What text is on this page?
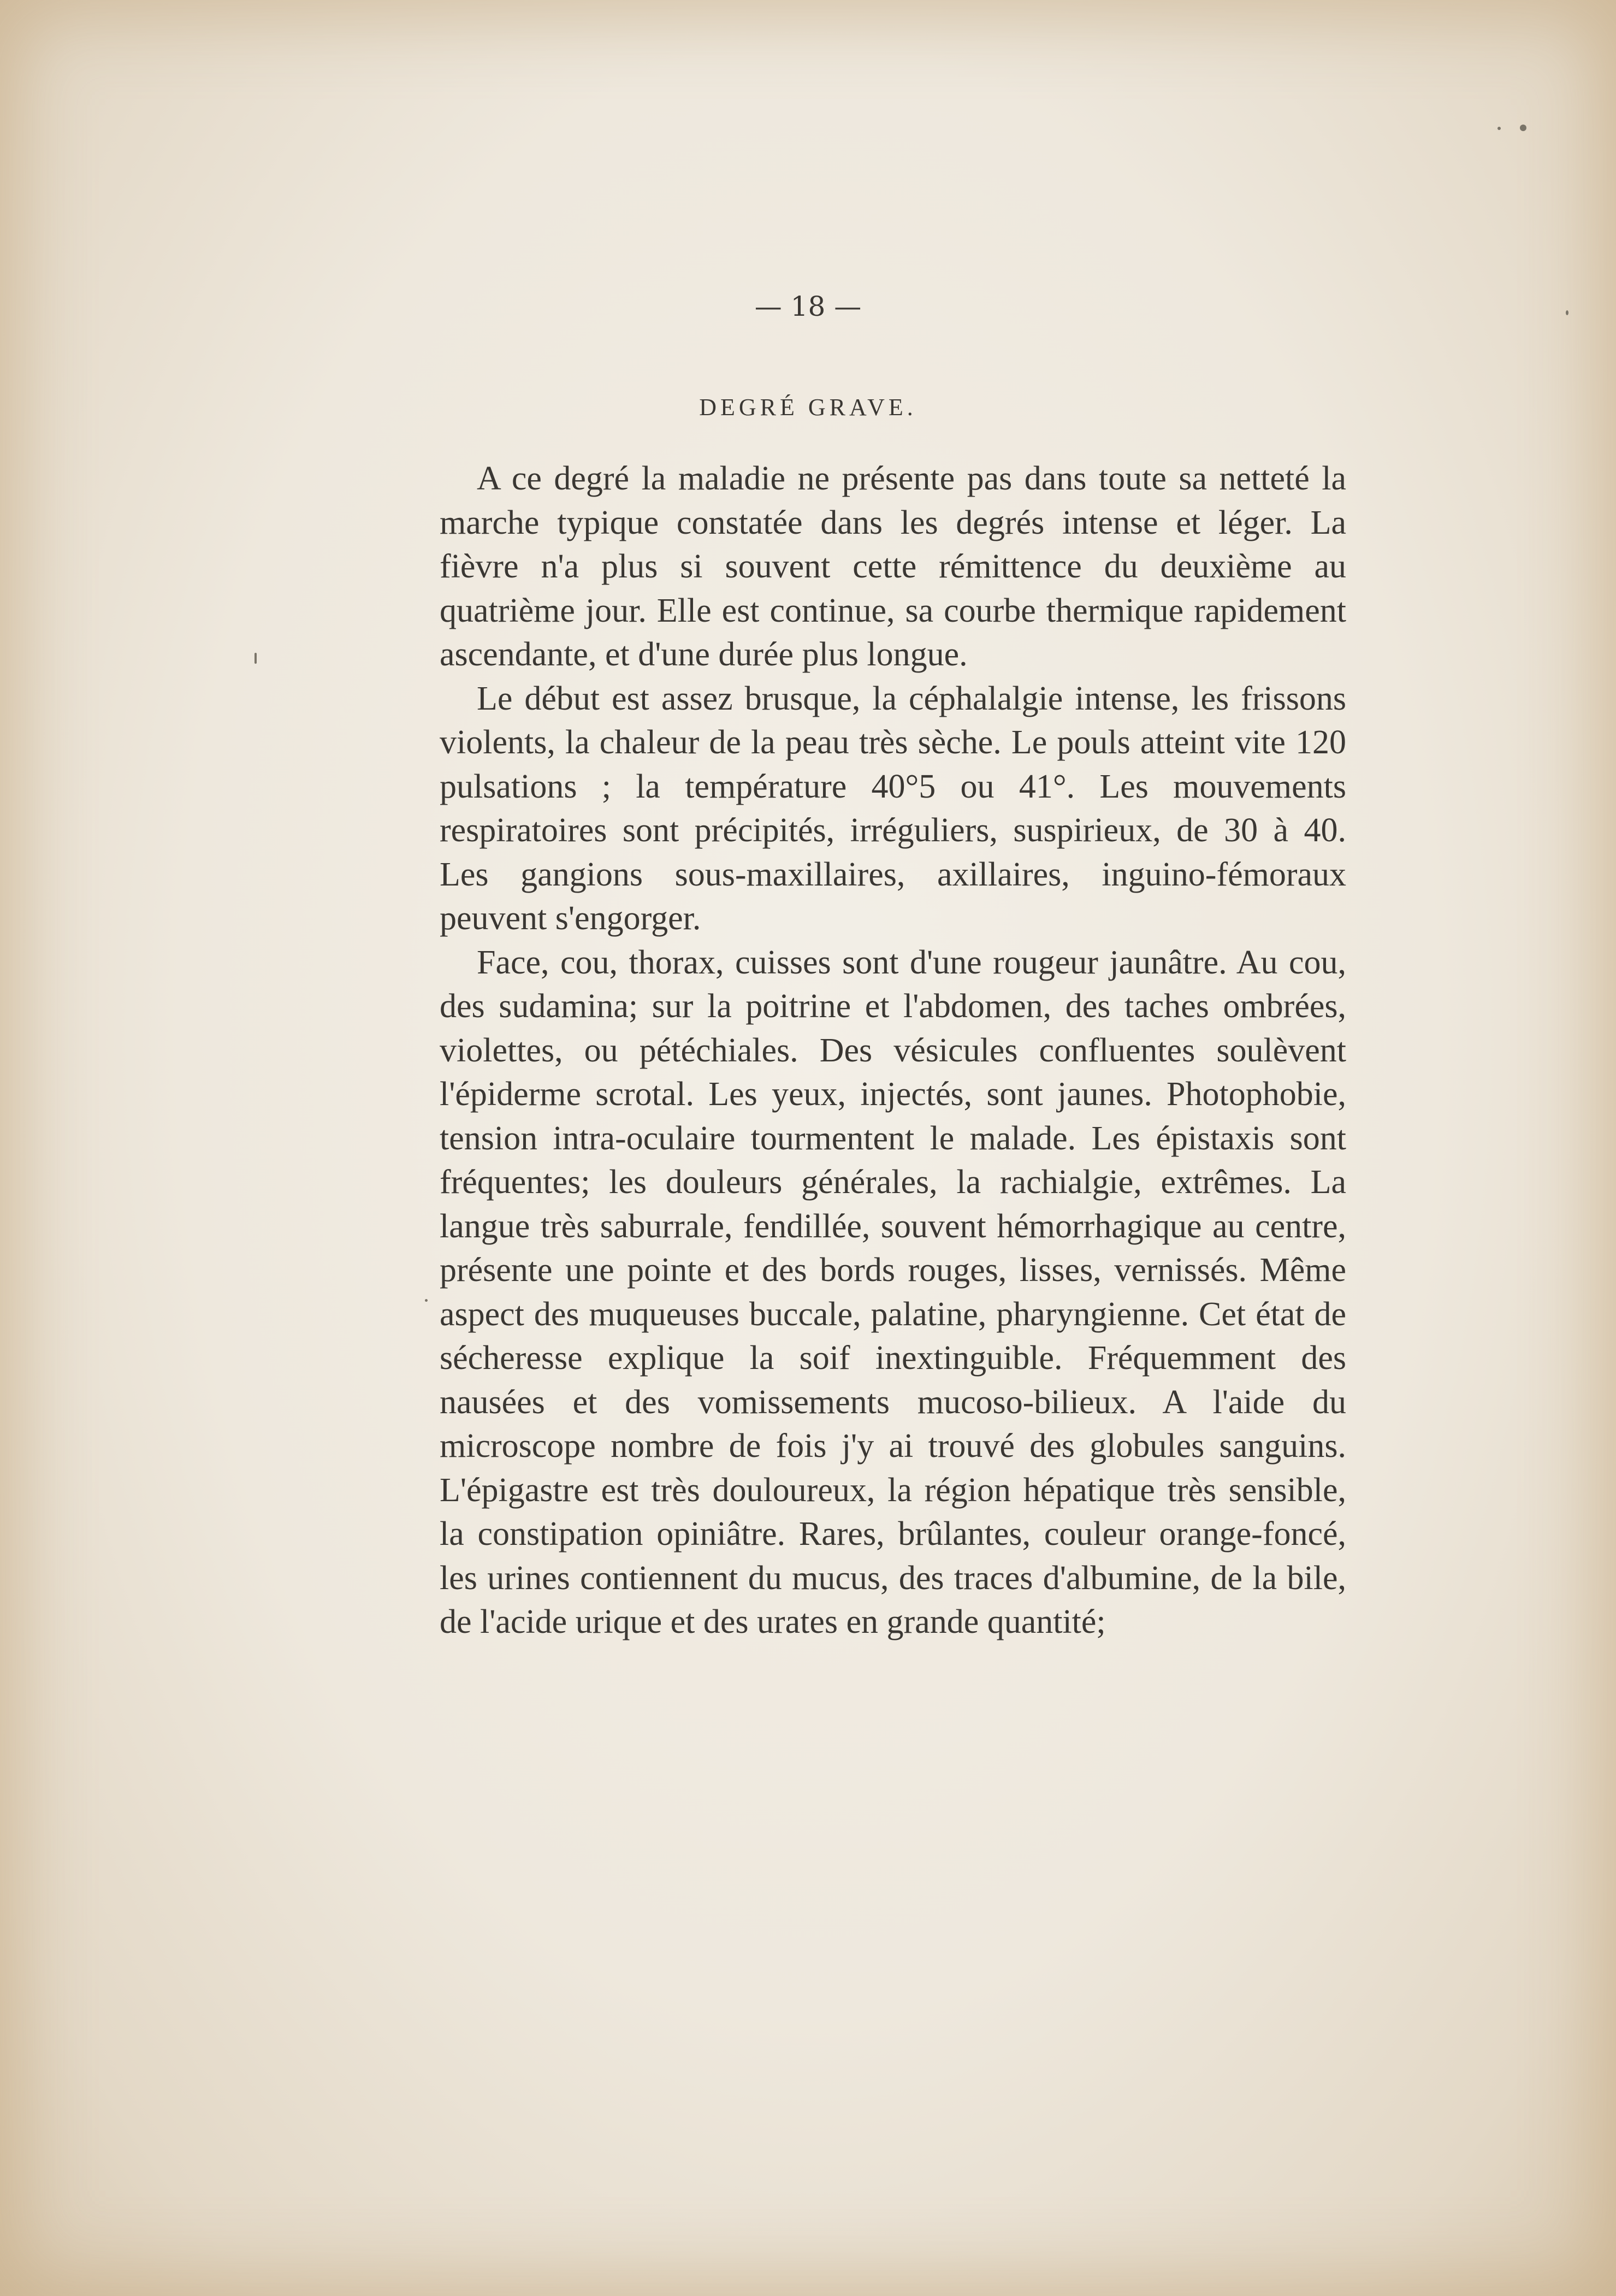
— 18 —
DEGRÉ GRAVE.

A ce degré la maladie ne présente pas dans toute sa netteté la marche typique constatée dans les degrés intense et léger. La fièvre n'a plus si souvent cette rémittence du deuxième au quatrième jour. Elle est continue, sa courbe thermique rapidement ascendante, et d'une durée plus longue.

Le début est assez brusque, la céphalalgie intense, les frissons violents, la chaleur de la peau très sèche. Le pouls atteint vite 120 pulsations ; la température 40°5 ou 41°. Les mouvements respiratoires sont précipités, irréguliers, suspirieux, de 30 à 40. Les gangions sous-maxillaires, axillaires, inguino-fémoraux peuvent s'engorger.

Face, cou, thorax, cuisses sont d'une rougeur jaunâtre. Au cou, des sudamina; sur la poitrine et l'abdomen, des taches ombrées, violettes, ou pétéchiales. Des vésicules confluentes soulèvent l'épiderme scrotal. Les yeux, injectés, sont jaunes. Photophobie, tension intra-oculaire tourmentent le malade. Les épistaxis sont fréquentes; les douleurs générales, la rachialgie, extrêmes. La langue très saburrale, fendillée, souvent hémorrhagique au centre, présente une pointe et des bords rouges, lisses, vernissés. Même aspect des muqueuses buccale, palatine, pharyngienne. Cet état de sécheresse explique la soif inextinguible. Fréquemment des nausées et des vomissements mucoso-bilieux. A l'aide du microscope nombre de fois j'y ai trouvé des globules sanguins. L'épigastre est très douloureux, la région hépatique très sensible, la constipation opiniâtre. Rares, brûlantes, couleur orange-foncé, les urines contiennent du mucus, des traces d'albumine, de la bile, de l'acide urique et des urates en grande quantité;
